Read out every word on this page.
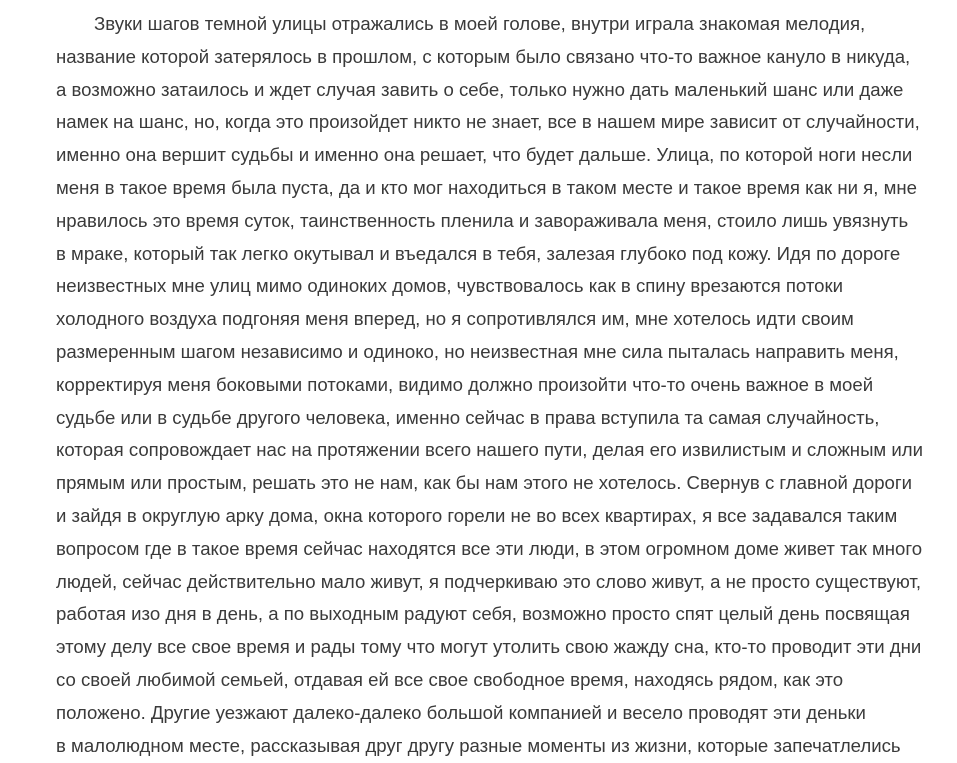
Звуки шагов темной улицы отражались в моей голове, внутри играла знакомая мелодия,
название которой затерялось в прошлом, с которым было связано что-то важное кануло в никуда,
а возможно затаилось и ждет случая завить о себе, только нужно дать маленький шанс или даже
намек на шанс, но, когда это произойдет никто не знает, все в нашем мире зависит от случайности,
именно она вершит судьбы и именно она решает, что будет дальше. Улица, по которой ноги несли
меня в такое время была пуста, да и кто мог находиться в таком месте и такое время как ни я, мне
нравилось это время суток, таинственность пленила и завораживала меня, стоило лишь увязнуть
в мраке, который так легко окутывал и въедался в тебя, залезая глубоко под кожу. Идя по дороге
неизвестных мне улиц мимо одиноких домов, чувствовалось как в спину врезаются потоки
холодного воздуха подгоняя меня вперед, но я сопротивлялся им, мне хотелось идти своим
размеренным шагом независимо и одиноко, но неизвестная мне сила пыталась направить меня,
корректируя меня боковыми потоками, видимо должно произойти что-то очень важное в моей
судьбе или в судьбе другого человека, именно сейчас в права вступила та самая случайность,
которая сопровождает нас на протяжении всего нашего пути, делая его извилистым и сложным или
прямым или простым, решать это не нам, как бы нам этого не хотелось. Свернув с главной дороги
и зайдя в округлую арку дома, окна которого горели не во всех квартирах, я все задавался таким
вопросом где в такое время сейчас находятся все эти люди, в этом огромном доме живет так много
людей, сейчас действительно мало живут, я подчеркиваю это слово живут, а не просто существуют,
работая изо дня в день, а по выходным радуют себя, возможно просто спят целый день посвящая
этому делу все свое время и рады тому что могут утолить свою жажду сна, кто-то проводит эти дни
со своей любимой семьей, отдавая ей все свое свободное время, находясь рядом, как это
положено. Другие уезжают далеко-далеко большой компанией и весело проводят эти деньки
в малолюдном месте, рассказывая друг другу разные моменты из жизни, которые запечатлелись
